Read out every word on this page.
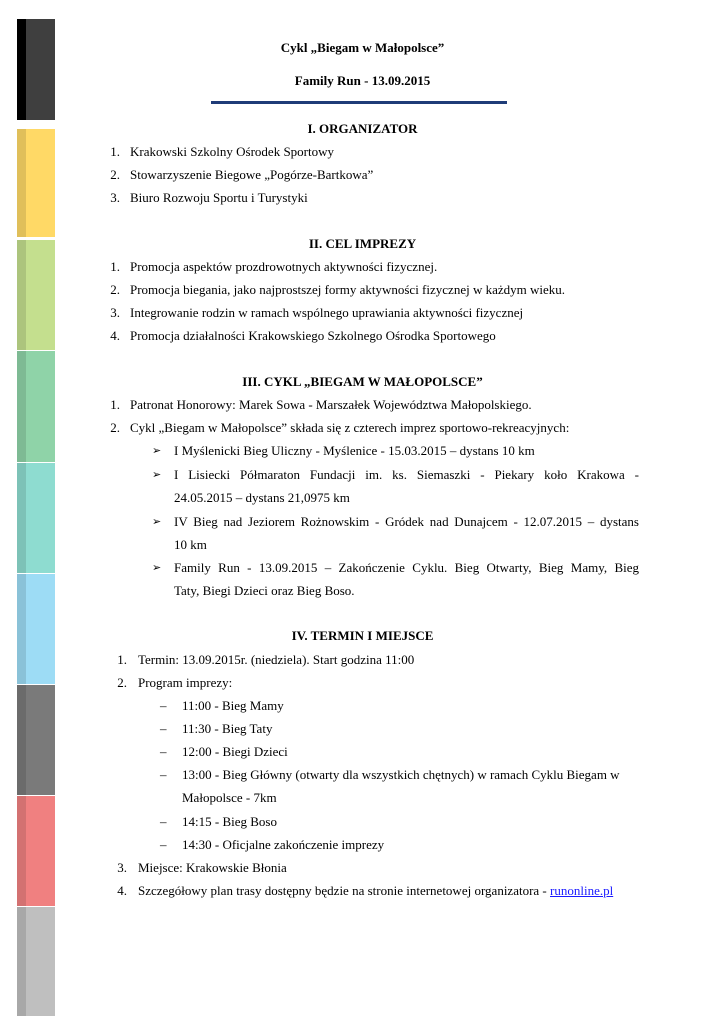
Cykl „Biegam w Małopolsce”
Family Run - 13.09.2015
I. ORGANIZATOR
1. Krakowski Szkolny Ośrodek Sportowy
2. Stowarzyszenie Biegowe „Pogórze-Bartkowa”
3. Biuro Rozwoju Sportu i Turystyki
II. CEL IMPREZY
1. Promocja aspektów prozdrowotnych aktywności fizycznej.
2. Promocja biegania, jako najprostszej formy aktywności fizycznej w każdym wieku.
3. Integrowanie rodzin w ramach wspólnego uprawiania aktywności fizycznej
4. Promocja działalności Krakowskiego Szkolnego Ośrodka Sportowego
III. CYKL „BIEGAM W MAŁOPOLSCE”
1. Patronat Honorowy: Marek Sowa - Marszałek Województwa Małopolskiego.
2. Cykl „Biegam w Małopolsce” składa się z czterech imprez sportowo-rekreacyjnych:
➢ I Myślenicki Bieg Uliczny - Myślenice - 15.03.2015 – dystans 10 km
➢ I Lisiecki Półmaraton Fundacji im. ks. Siemaszki - Piekary koło Krakowa -
24.05.2015 – dystans 21,0975 km
➢ IV Bieg nad Jeziorem Rożnowskim - Gródek nad Dunajcem - 12.07.2015 – dystans
10 km
➢ Family Run - 13.09.2015 – Zakończenie Cyklu. Bieg Otwarty, Bieg Mamy, Bieg
Taty, Biegi Dzieci oraz Bieg Boso.
IV. TERMIN I MIEJSCE
1. Termin: 13.09.2015r. (niedziela). Start godzina 11:00
2. Program imprezy:
– 11:00 - Bieg Mamy
– 11:30 - Bieg Taty
– 12:00 - Biegi Dzieci
– 13:00 - Bieg Główny (otwarty dla wszystkich chętnych) w ramach Cyklu Biegam w
Małopolsce - 7km
– 14:15 - Bieg Boso
– 14:30 - Oficjalne zakończenie imprezy
3. Miejsce: Krakowskie Błonia
4. Szczegółowy plan trasy dostępny będzie na stronie internetowej organizatora - runonline.pl
